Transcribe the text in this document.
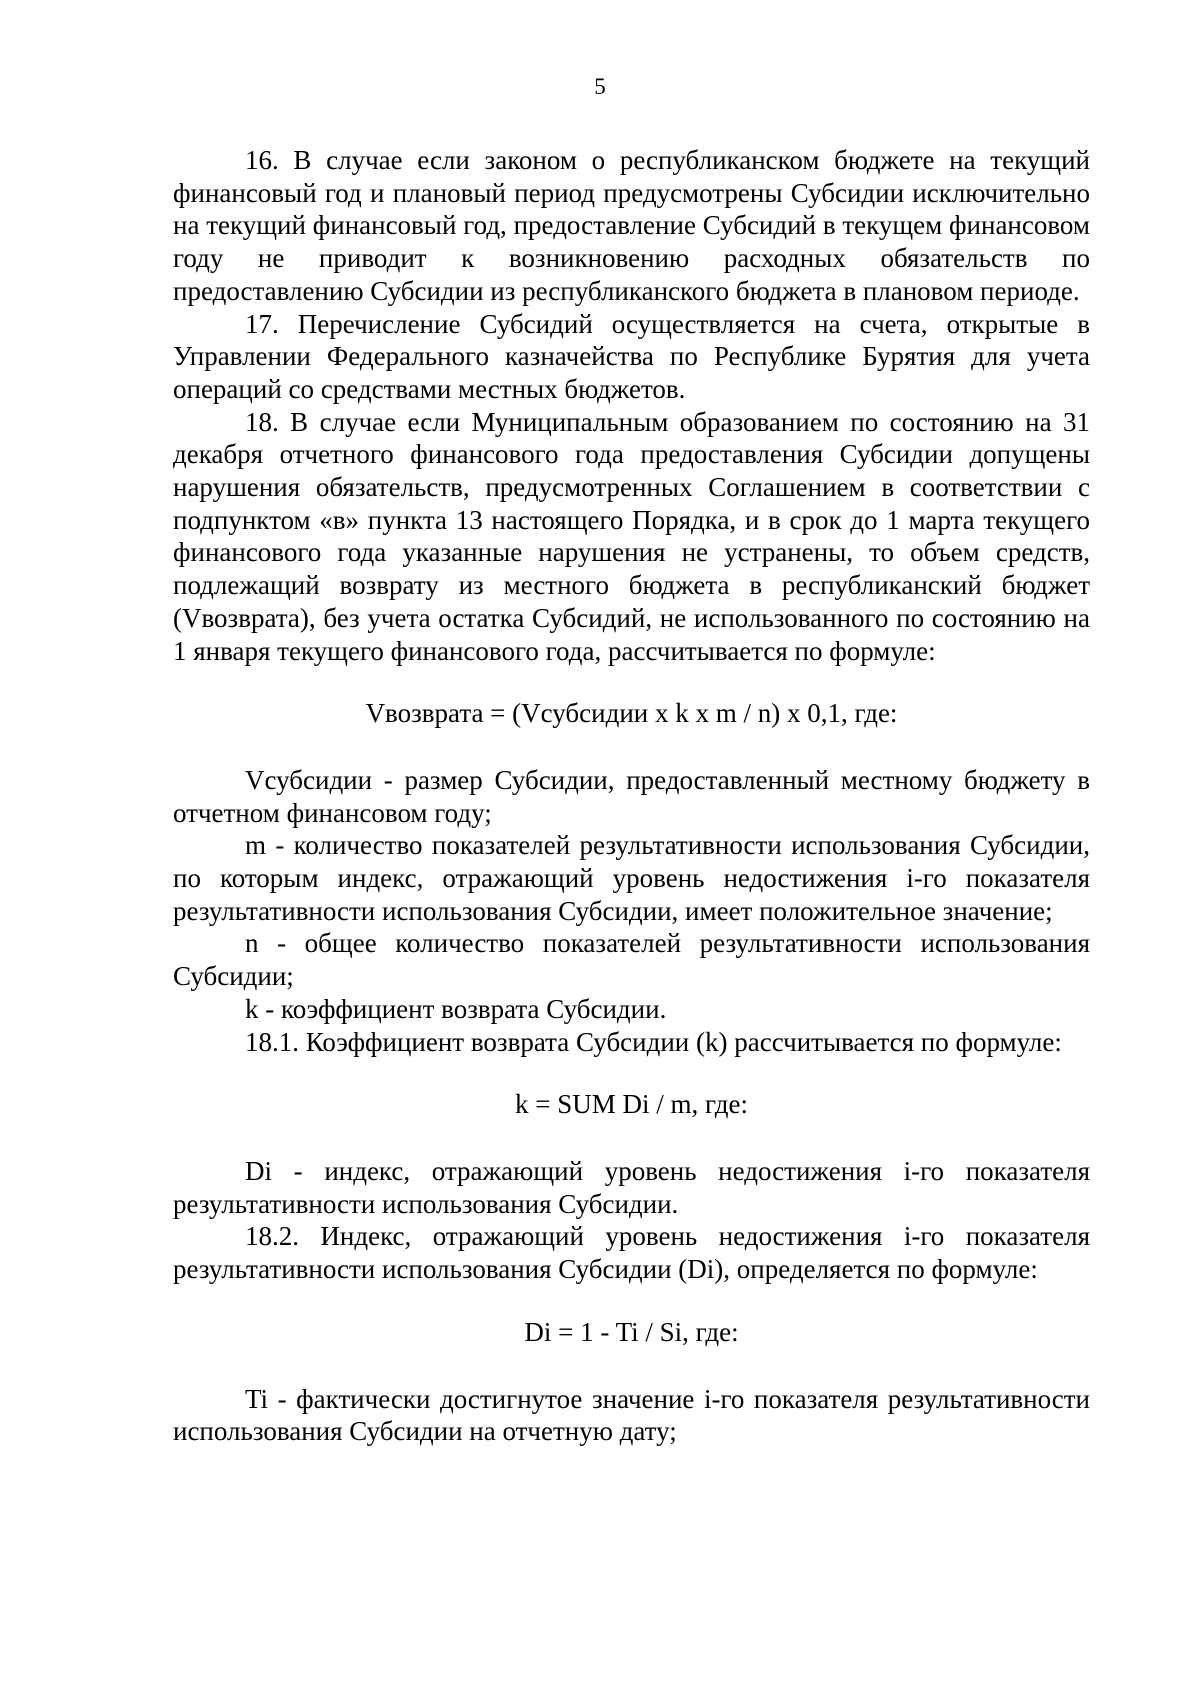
5

16. В случае если законом о республиканском бюджете на текущий финансовый год и плановый период предусмотрены Субсидии исключительно на текущий финансовый год, предоставление Субсидий в текущем финансовом году не приводит к возникновению расходных обязательств по предоставлению Субсидии из республиканского бюджета в плановом периоде.

17. Перечисление Субсидий осуществляется на счета, открытые в Управлении Федерального казначейства по Республике Бурятия для учета операций со средствами местных бюджетов.

18. В случае если Муниципальным образованием по состоянию на 31 декабря отчетного финансового года предоставления Субсидии допущены нарушения обязательств, предусмотренных Соглашением в соответствии с подпунктом «в» пункта 13 настоящего Порядка, и в срок до 1 марта текущего финансового года указанные нарушения не устранены, то объем средств, подлежащий возврату из местного бюджета в республиканский бюджет (Vвозврата), без учета остатка Субсидий, не использованного по состоянию на 1 января текущего финансового года, рассчитывается по формуле:

Vвозврата = (Vсубсидии x k x m / n) x 0,1, где:

Vсубсидии - размер Субсидии, предоставленный местному бюджету в отчетном финансовом году;

m - количество показателей результативности использования Субсидии, по которым индекс, отражающий уровень недостижения i-го показателя результативности использования Субсидии, имеет положительное значение;

n - общее количество показателей результативности использования Субсидии;

k - коэффициент возврата Субсидии.

18.1. Коэффициент возврата Субсидии (k) рассчитывается по формуле:

k = SUM Di / m, где:

Di - индекс, отражающий уровень недостижения i-го показателя результативности использования Субсидии.

18.2. Индекс, отражающий уровень недостижения i-го показателя результативности использования Субсидии (Di), определяется по формуле:

Di = 1 - Ti / Si, где:

Ti - фактически достигнутое значение i-го показателя результативности использования Субсидии на отчетную дату;
